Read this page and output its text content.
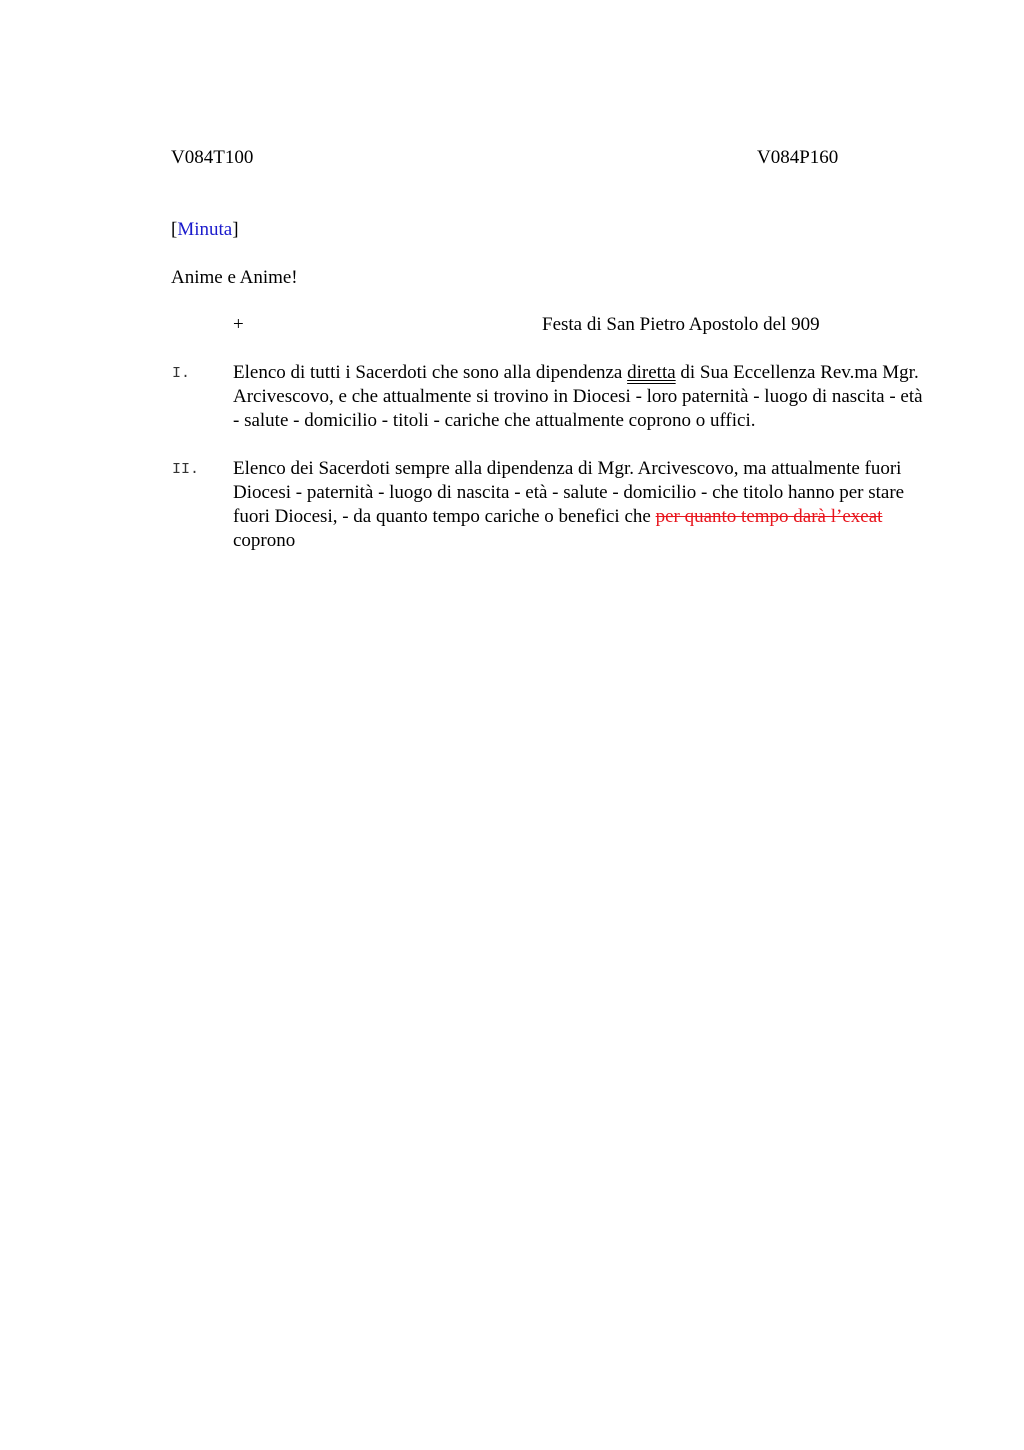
V084T100	V084P160
[Minuta]
Anime e Anime!
+	Festa di San Pietro Apostolo del 909
I. Elenco di tutti i Sacerdoti che sono alla dipendenza diretta di Sua Eccellenza Rev.ma Mgr. Arcivescovo, e che attualmente si trovino in Diocesi - loro paternità - luogo di nascita - età - salute - domicilio - titoli - cariche che attualmente coprono o uffici.
II. Elenco dei Sacerdoti sempre alla dipendenza di Mgr. Arcivescovo, ma attualmente fuori Diocesi - paternità - luogo di nascita - età - salute - domicilio - che titolo hanno per stare fuori Diocesi, - da quanto tempo cariche o benefici che per quanto tempo darà l’exeat coprono
